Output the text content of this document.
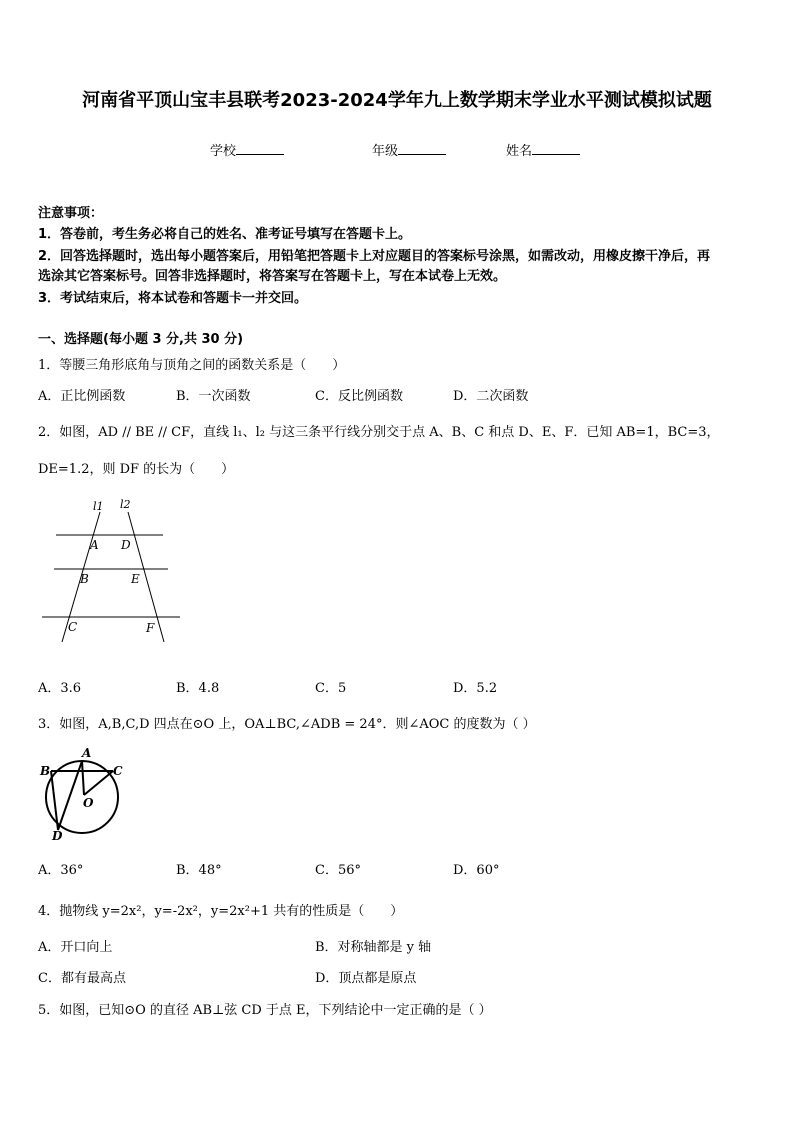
河南省平顶山宝丰县联考2023-2024学年九上数学期末学业水平测试模拟试题
学校	年级	姓名
注意事项：
1．答卷前，考生务必将自己的姓名、准考证号填写在答题卡上。
2．回答选择题时，选出每小题答案后，用铅笔把答题卡上对应题目的答案标号涂黑，如需改动，用橡皮擦干净后，再
选涂其它答案标号。回答非选择题时，将答案写在答题卡上，写在本试卷上无效。
3．考试结束后，将本试卷和答题卡一并交回。
一、选择题(每小题 3 分,共 30 分)
1．等腰三角形底角与顶角之间的函数关系是（　　）
A．正比例函数	B．一次函数	C．反比例函数	D．二次函数
2．如图，AD // BE // CF，直线 l₁、l₂ 与这三条平行线分别交于点 A、B、C 和点 D、E、F．已知 AB=1，BC=3，
DE=1.2，则 DF 的长为（　　）
l1 l2
A D
B	E
C	F
A．3.6	B．4.8	C．5	D．5.2
3．如图，A,B,C,D 四点在⊙O 上，OA⊥BC,∠ADB = 24°．则∠AOC 的度数为（ ）
A
B	C
D
O
A．36°	B．48°	C．56°	D．60°
4．抛物线 y=2x²，y=-2x²，y=2x²+1 共有的性质是（　　）
A．开口向上	B．对称轴都是 y 轴
C．都有最高点	D．顶点都是原点
5．如图，已知⊙O 的直径 AB⊥弦 CD 于点 E，下列结论中一定正确的是（ ）
